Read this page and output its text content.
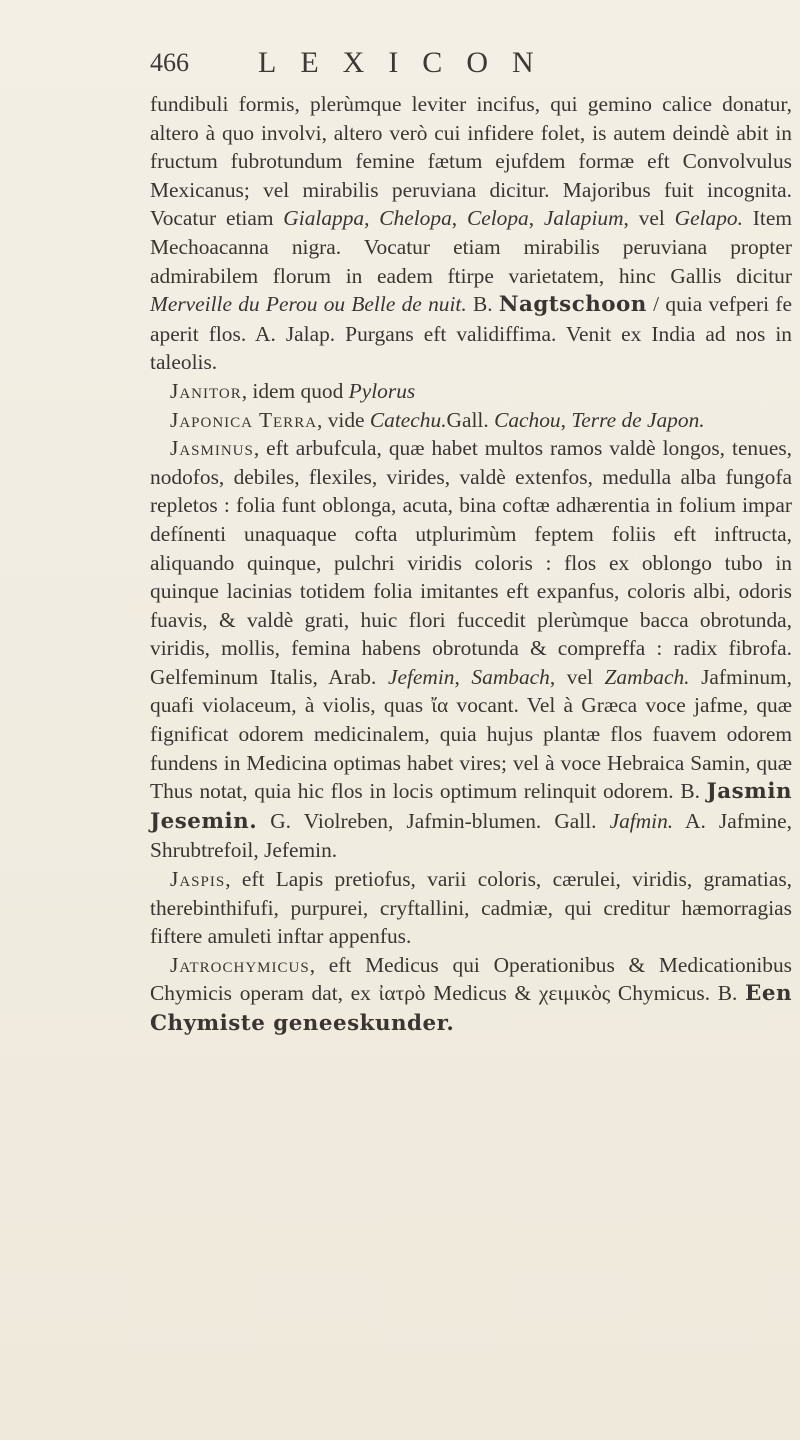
466 LEXICON

fundibuli formis, plerùmque leviter incifus, qui gemino calice donatur, altero à quo involvi, altero verò cui infidere folet, is autem deindè abit in fructum fubrotundum femine fætum ejufdem formæ eft Convolvulus Mexicanus; vel mirabilis peruviana dicitur. Majoribus fuit incognita. Vocatur etiam Gialappa, Chelopa, Celopa, Jalapium, vel Gelapo. Item Mechoacanna nigra. Vocatur etiam mirabilis peruviana propter admirabilem florum in eadem ftirpe varietatem, hinc Gallis dicitur Merveille du Perou ou Belle de nuit. B. Nagtschoon / quia vefperi fe aperit flos. A. Jalap. Purgans eft validiffima. Venit ex India ad nos in taleolis.

Janitor, idem quod Pylorus

Japonica Terra, vide Catechu.Gall. Cachou, Terre de Japon.

Jasminus, eft arbufcula, quæ habet multos ramos valdè longos, tenues, nodofos, debiles, flexiles, virides, valdè extenfos, medulla alba fungofa repletos : folia funt oblonga, acuta, bina coftæ adhærentia in folium impar defínenti unaquaque cofta utplurimùm feptem foliis eft inftructa, aliquando quinque, pulchri viridis coloris : flos ex oblongo tubo in quinque lacinias totidem folia imitantes eft expanfus, coloris albi, odoris fuavis, & valdè grati, huic flori fuccedit plerùmque bacca obrotunda, viridis, mollis, femina habens obrotunda & compreffa : radix fibrofa. Gelfeminum Italis, Arab. Jefemin, Sambach, vel Zambach. Jafminum, quafi violaceum, à violis, quas ἴα vocant. Vel à Græca voce jafme, quæ fignificat odorem medicinalem, quia hujus plantæ flos fuavem odorem fundens in Medicina optimas habet vires; vel à voce Hebraica Samin, quæ Thus notat, quia hic flos in locis optimum relinquit odorem. B. Jasmin Jesemin. G. Violreben, Jafmin-blumen. Gall. Jafmin. A. Jafmine, Shrubtrefoil, Jefemin.

Jaspis, eft Lapis pretiofus, varii coloris, cærulei, viridis, gramatias, therebinthifufi, purpurei, cryftallini, cadmiæ, qui creditur hæmorragias fiftere amuleti inftar appenfus.

Jatrochymicus, eft Medicus qui Operationibus & Medicationibus Chymicis operam dat, ex ἰατρὸ Medicus & χειμικὸς Chymicus. B. Een Chymiste geneeskunder.
